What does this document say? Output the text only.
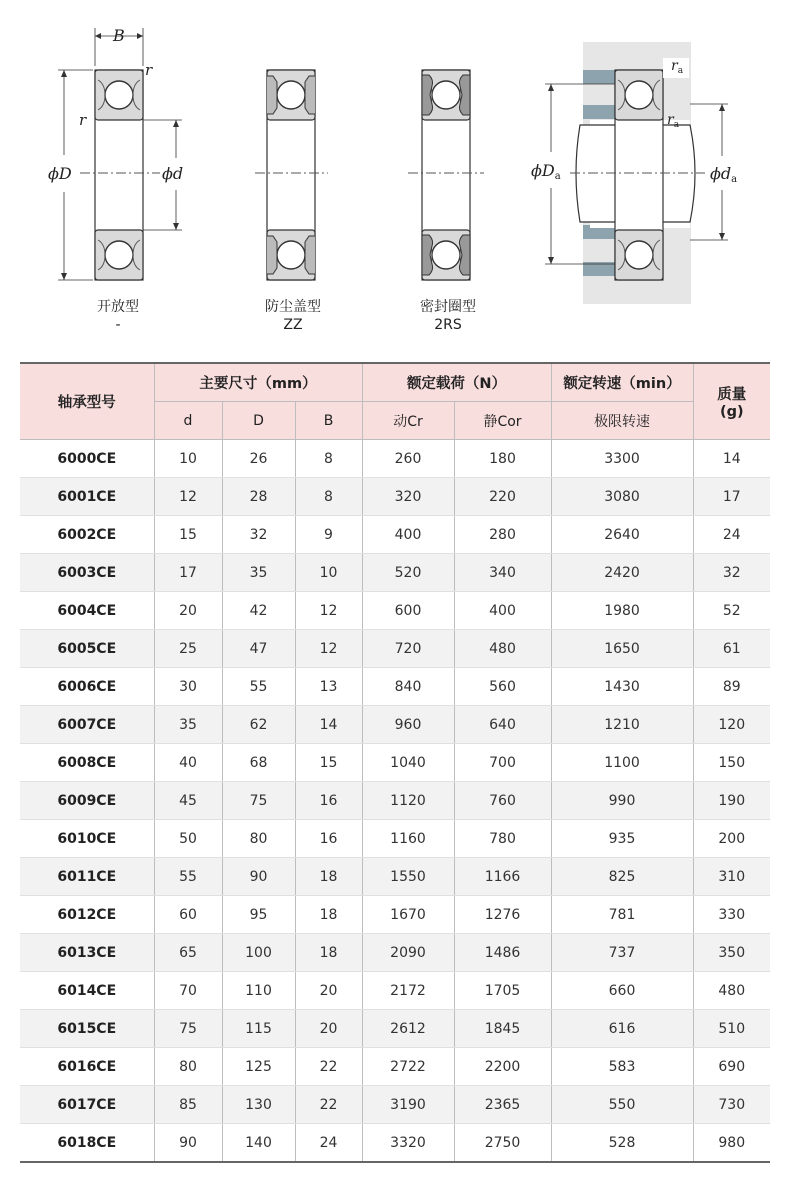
B
r
r
ϕD	ϕd
$r_a$
$r_a$
ϕDa	ϕda
开放型
-
防尘盖型
ZZ
密封圈型
2RS
轴承型号	主要尺寸（mm）			额定载荷（N）		额定转速（min）	质量
(g)

	d	D	B	动Cr	静Cor	极限转速	
6000CE	10	26	8	260	180	3300	14
6001CE	12	28	8	320	220	3080	17
6002CE	15	32	9	400	280	2640	24
6003CE	17	35	10	520	340	2420	32
6004CE	20	42	12	600	400	1980	52
6005CE	25	47	12	720	480	1650	61
6006CE	30	55	13	840	560	1430	89
6007CE	35	62	14	960	640	1210	120
6008CE	40	68	15	1040	700	1100	150
6009CE	45	75	16	1120	760	990	190
6010CE	50	80	16	1160	780	935	200
6011CE	55	90	18	1550	1166	825	310
6012CE	60	95	18	1670	1276	781	330
6013CE	65	100	18	2090	1486	737	350
6014CE	70	110	20	2172	1705	660	480
6015CE	75	115	20	2612	1845	616	510
6016CE	80	125	22	2722	2200	583	690
6017CE	85	130	22	3190	2365	550	730
6018CE	90	140	24	3320	2750	528	980
